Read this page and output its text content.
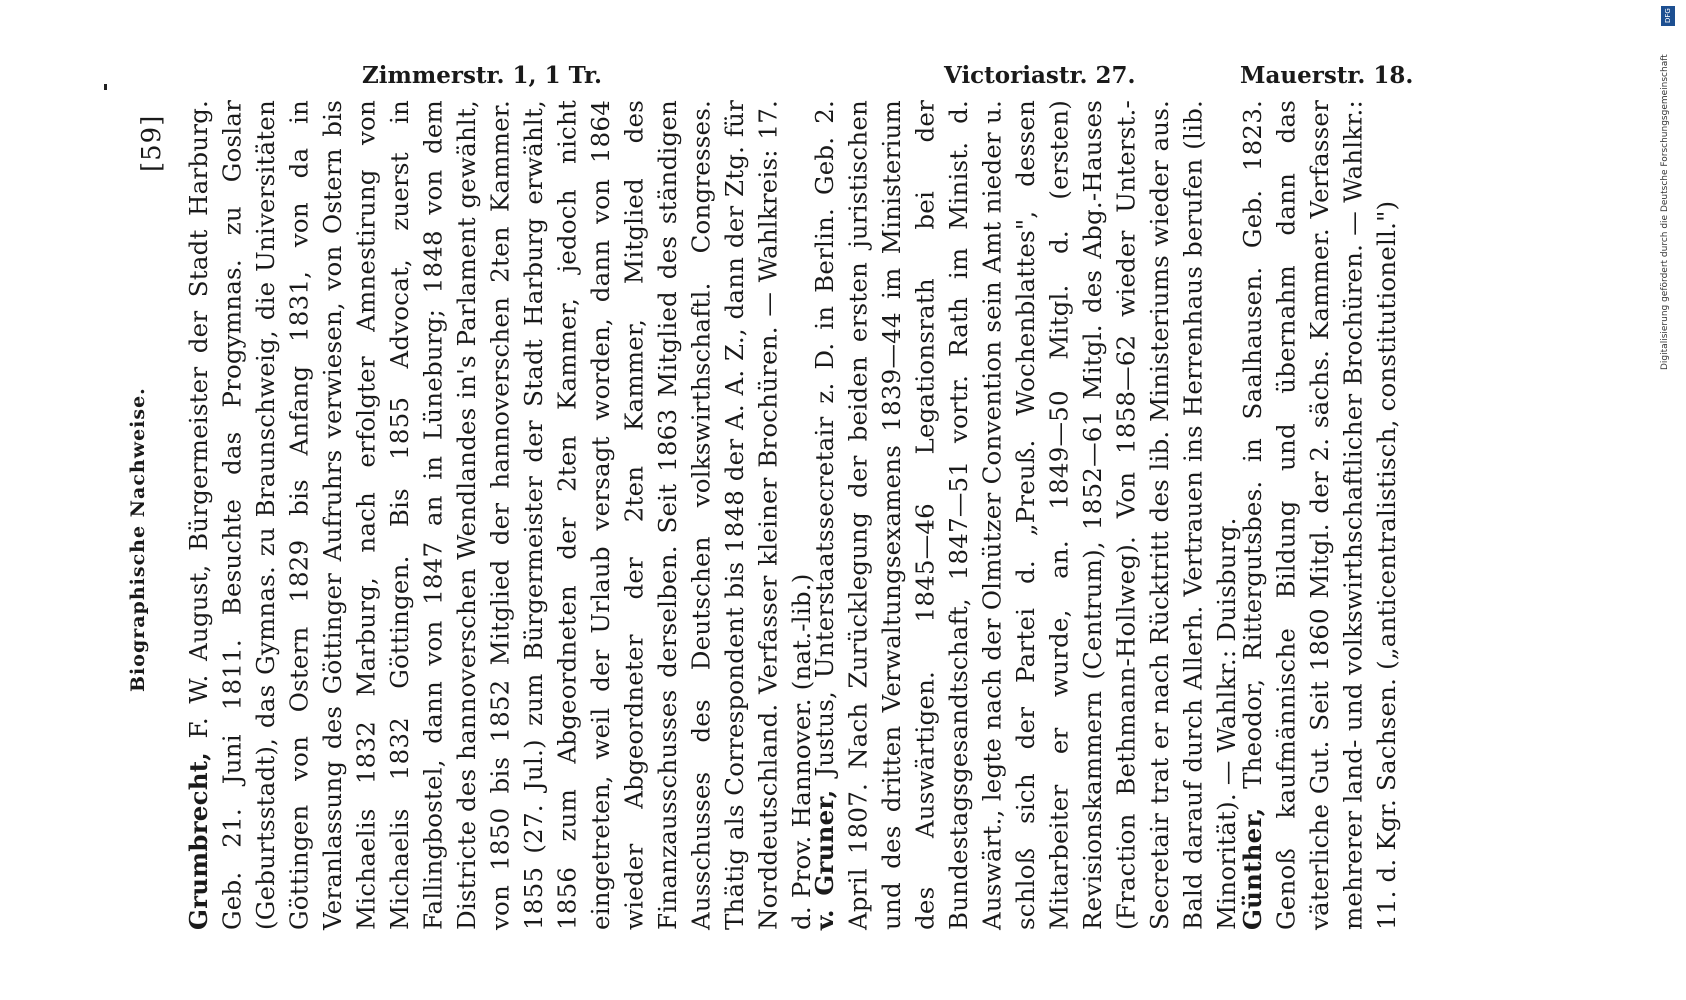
[59]
Biographische Nachweise.
Zimmerstr. 1, 1 Tr.	Victoriastr. 27.	Mauerstr. 18.
Grumbrecht, F. W. August, Bürgermeister der Stadt Harburg. Geb. 21. Juni 1811. Besuchte das Progymnas. zu Goslar (Geburtsstadt), das Gymnas. zu Braunschweig, die Universitäten Göttingen von Ostern 1829 bis Anfang 1831, von da in Veranlassung des Göttinger Aufruhrs verwiesen, von Ostern bis Michaelis 1832 Marburg, nach erfolgter Amnestirung von Michaelis 1832 Göttingen. Bis 1855 Advocat, zuerst in Fallingbostel, dann von 1847 an in Lüneburg; 1848 von dem Districte des hannoverschen Wendlandes in's Parlament gewählt, von 1850 bis 1852 Mitglied der hannoverschen 2ten Kammer. 1855 (27. Jul.) zum Bürgermeister der Stadt Harburg erwählt, 1856 zum Abgeordneten der 2ten Kammer, jedoch nicht eingetreten, weil der Urlaub versagt worden, dann von 1864 wieder Abgeordneter der 2ten Kammer, Mitglied des Finanzausschusses derselben. Seit 1863 Mitglied des ständigen Ausschusses des Deutschen volkswirthschaftl. Congresses. Thätig als Correspondent bis 1848 der A. A. Z., dann der Ztg. für Norddeutschland. Verfasser kleiner Brochüren. — Wahlkreis: 17. d. Prov. Hannover. (nat.-lib.)
v. Gruner, Justus, Unterstaatssecretair z. D. in Berlin. Geb. 2. April 1807. Nach Zurücklegung der beiden ersten juristischen und des dritten Verwaltungsexamens 1839—44 im Ministerium des Auswärtigen. 1845—46 Legationsrath bei der Bundestagsgesandtschaft, 1847—51 vortr. Rath im Minist. d. Auswärt., legte nach der Olmützer Convention sein Amt nieder u. schloß sich der Partei d. „Preuß. Wochenblattes", dessen Mitarbeiter er wurde, an. 1849—50 Mitgl. d. (ersten) Revisionskammern (Centrum), 1852—61 Mitgl. des Abg.-Hauses (Fraction Bethmann-Hollweg). Von 1858—62 wieder Unterst.-Secretair trat er nach Rücktritt des lib. Ministeriums wieder aus. Bald darauf durch Allerh. Vertrauen ins Herrenhaus berufen (lib. Minorität). — Wahlkr.: Duisburg.
Günther, Theodor, Rittergutsbes. in Saalhausen. Geb. 1823. Genoß kaufmännische Bildung und übernahm dann das väterliche Gut. Seit 1860 Mitgl. der 2. sächs. Kammer. Verfasser mehrerer land- und volkswirthschaftlicher Brochüren. — Wahlkr.: 11. d. Kgr. Sachsen. („anticentralistisch, constitutionell.")
DFG
Digitalisierung gefördert durch die Deutsche Forschungsgemeinschaft
